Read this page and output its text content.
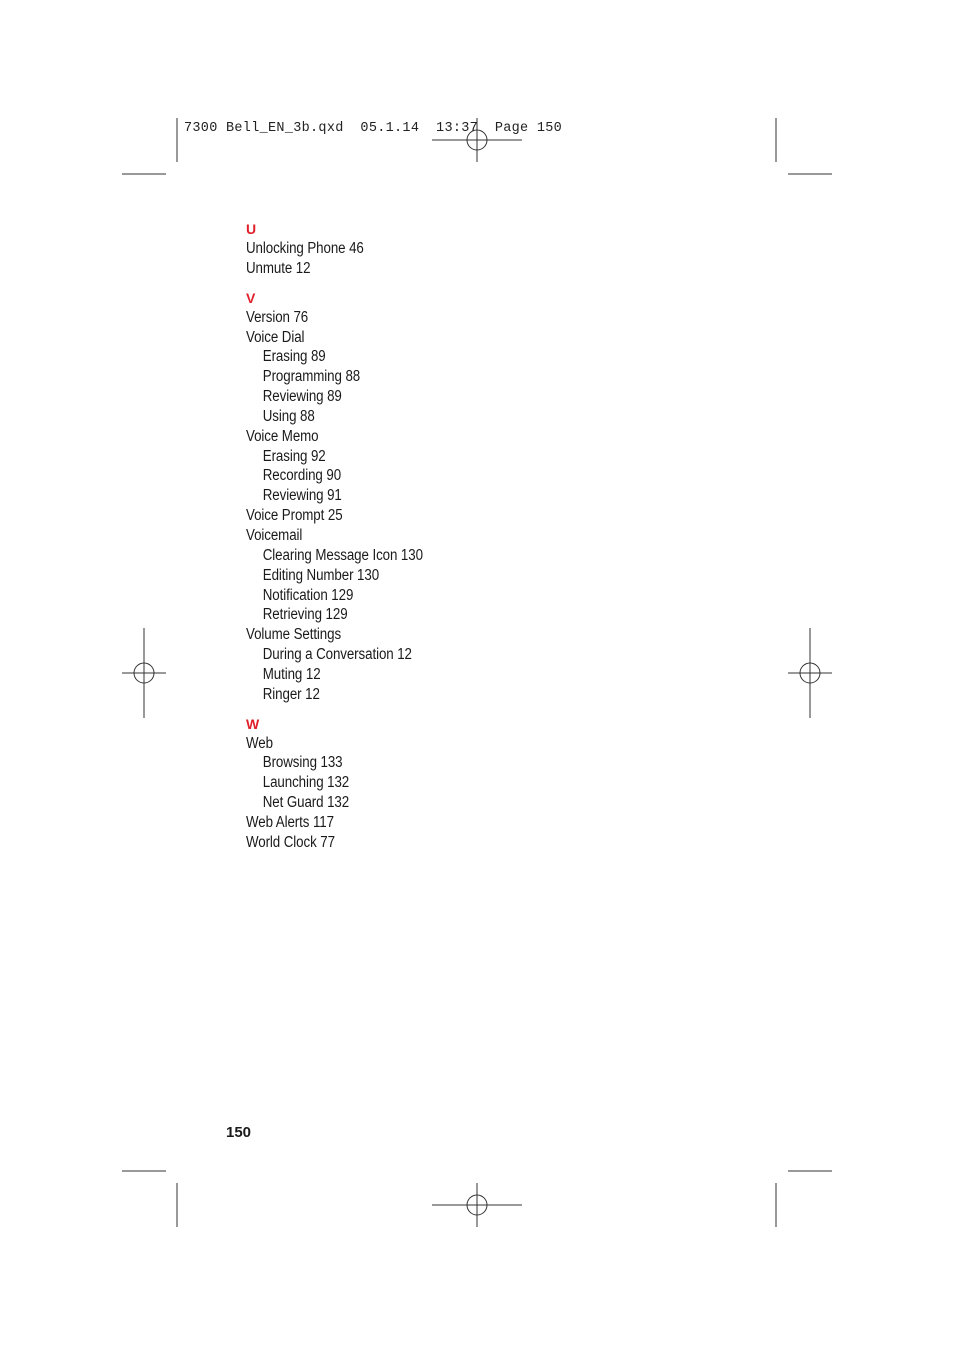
7300 Bell_EN_3b.qxd  05.1.14  13:37  Page 150
U
Unlocking Phone 46
Unmute 12
V
Version 76
Voice Dial
Erasing 89
Programming 88
Reviewing 89
Using 88
Voice Memo
Erasing 92
Recording 90
Reviewing 91
Voice Prompt 25
Voicemail
Clearing Message Icon 130
Editing Number 130
Notification 129
Retrieving 129
Volume Settings
During a Conversation 12
Muting 12
Ringer 12
W
Web
Browsing 133
Launching 132
Net Guard 132
Web Alerts 117
World Clock 77
150
